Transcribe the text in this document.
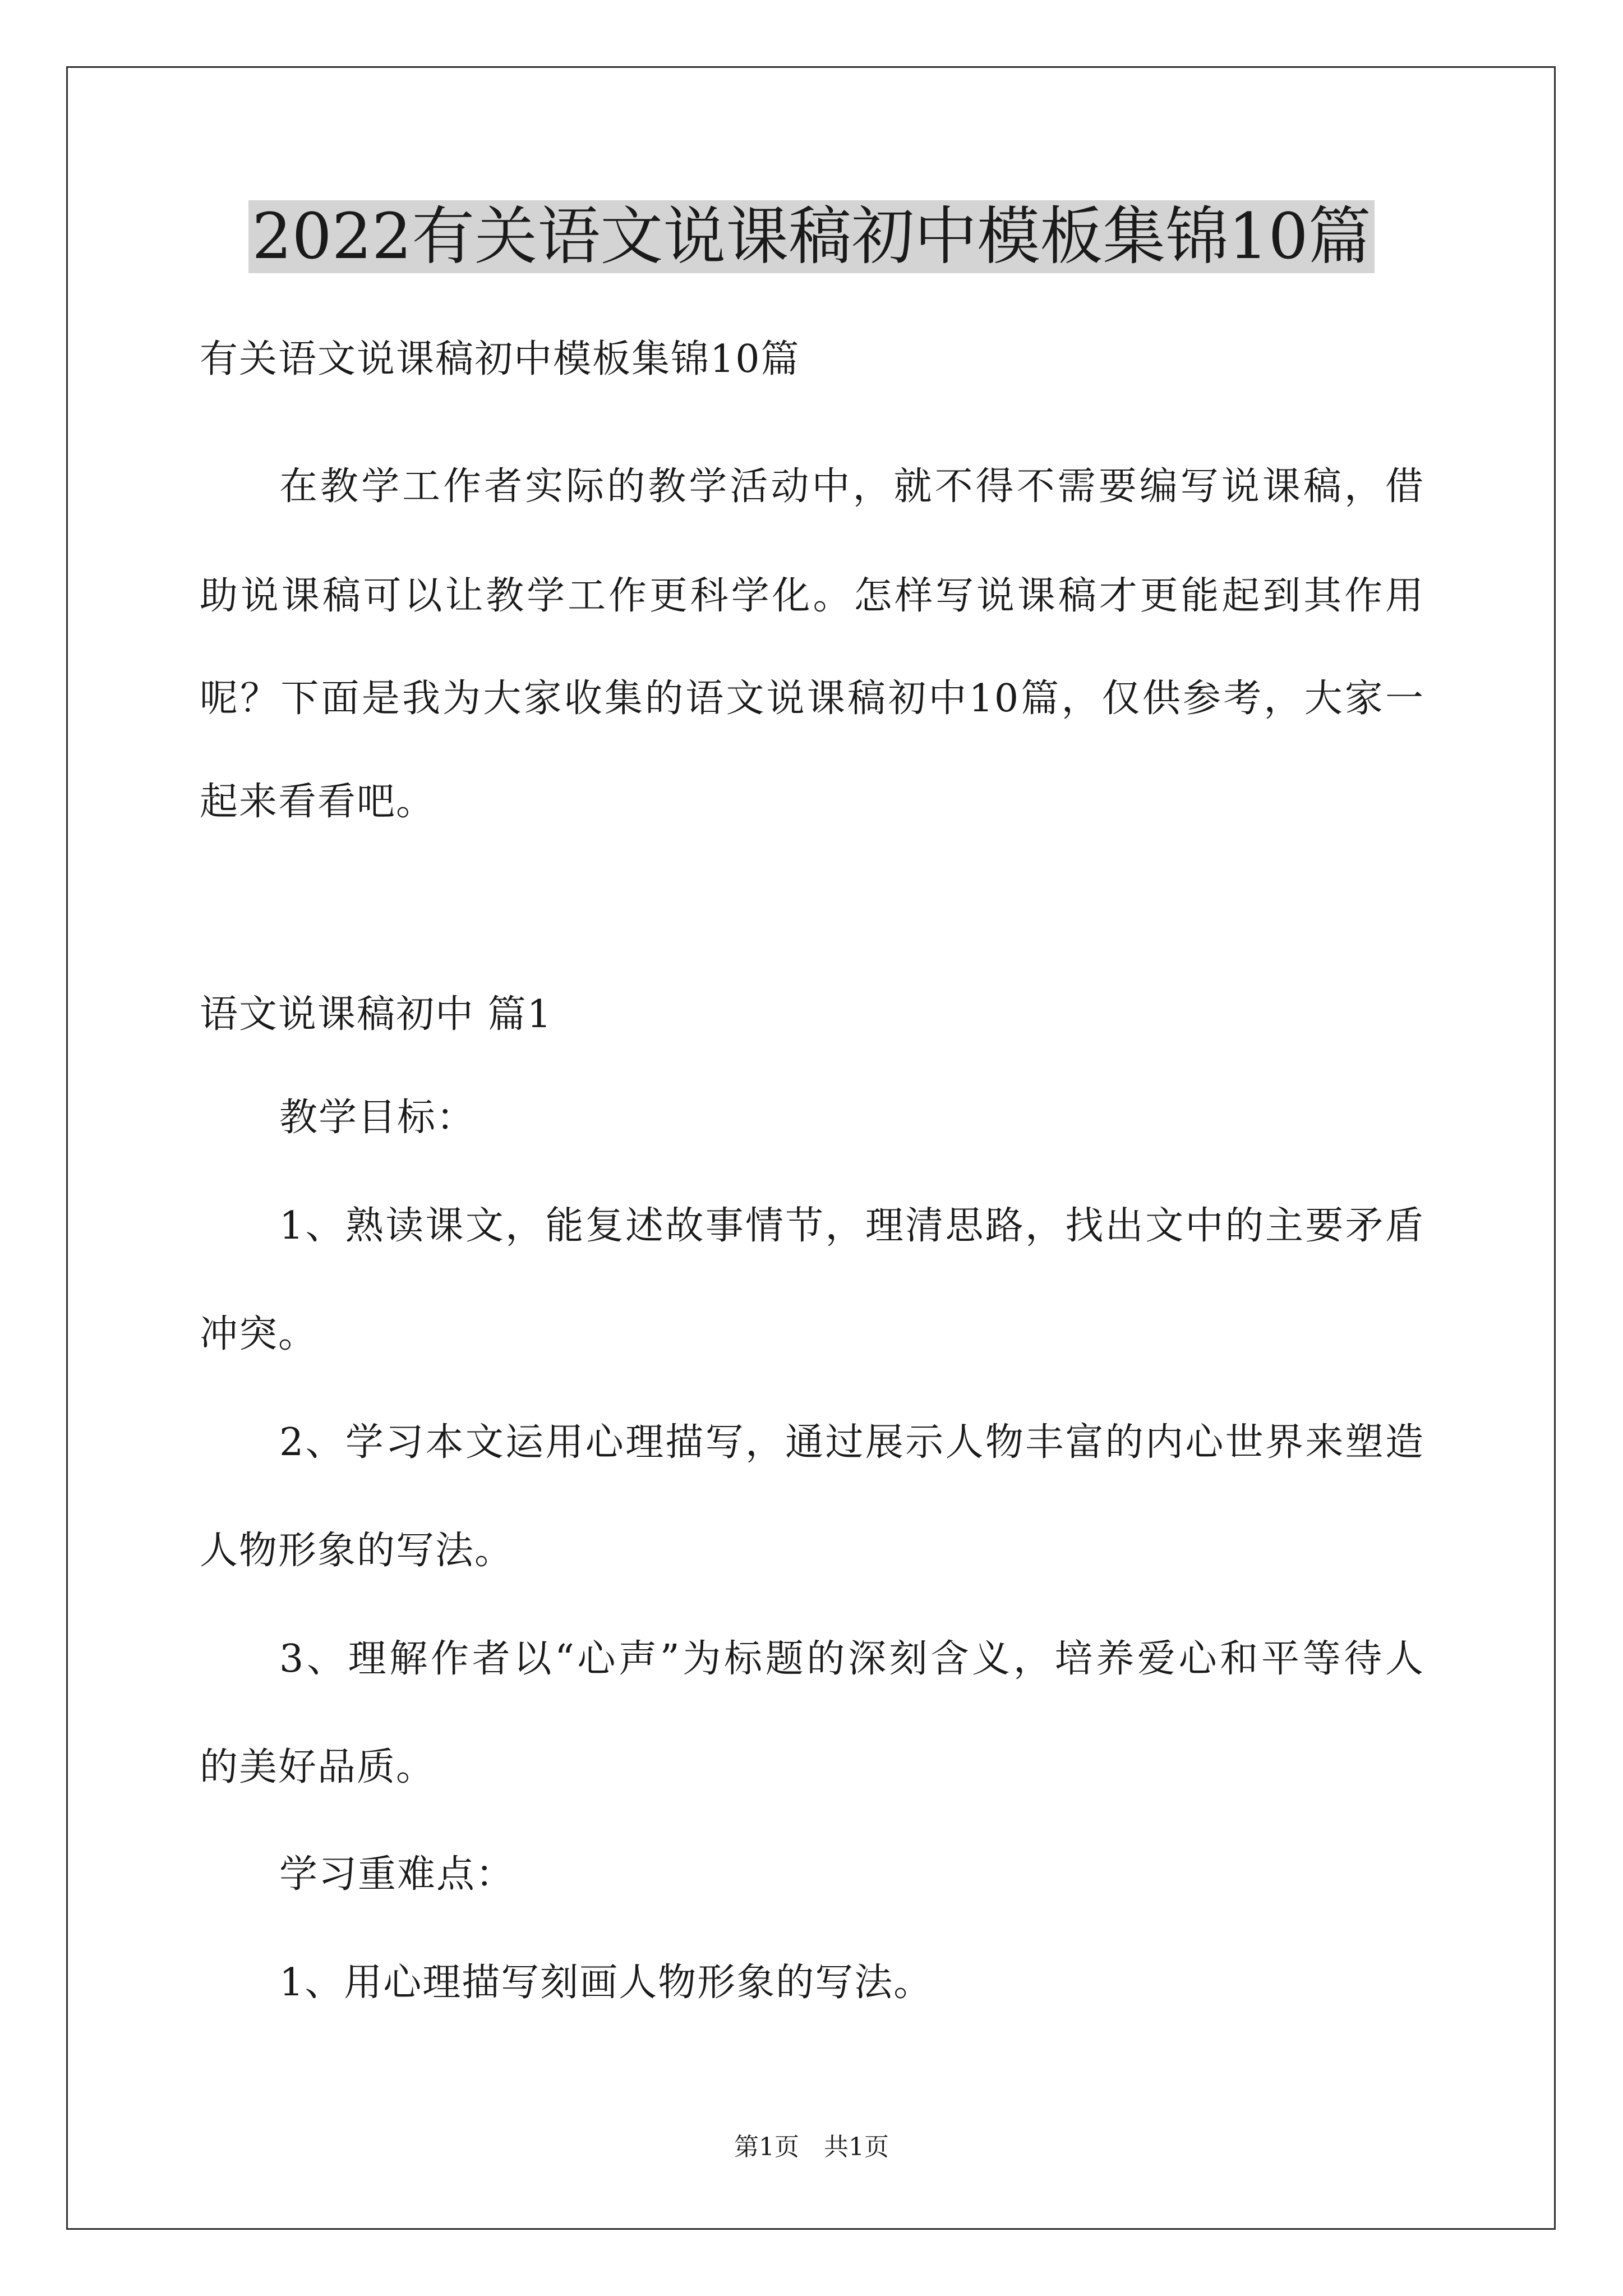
2022有关语文说课稿初中模板集锦10篇
有关语文说课稿初中模板集锦10篇
在教学工作者实际的教学活动中，就不得不需要编写说课稿，借
助说课稿可以让教学工作更科学化。怎样写说课稿才更能起到其作用
呢？下面是我为大家收集的语文说课稿初中10篇，仅供参考，大家一
起来看看吧。
语文说课稿初中 篇1
教学目标：
1、熟读课文，能复述故事情节，理清思路，找出文中的主要矛盾
冲突。
2、学习本文运用心理描写，通过展示人物丰富的内心世界来塑造
人物形象的写法。
3、理解作者以“心声”为标题的深刻含义，培养爱心和平等待人
的美好品质。
学习重难点：
1、用心理描写刻画人物形象的写法。
第1页　共1页
